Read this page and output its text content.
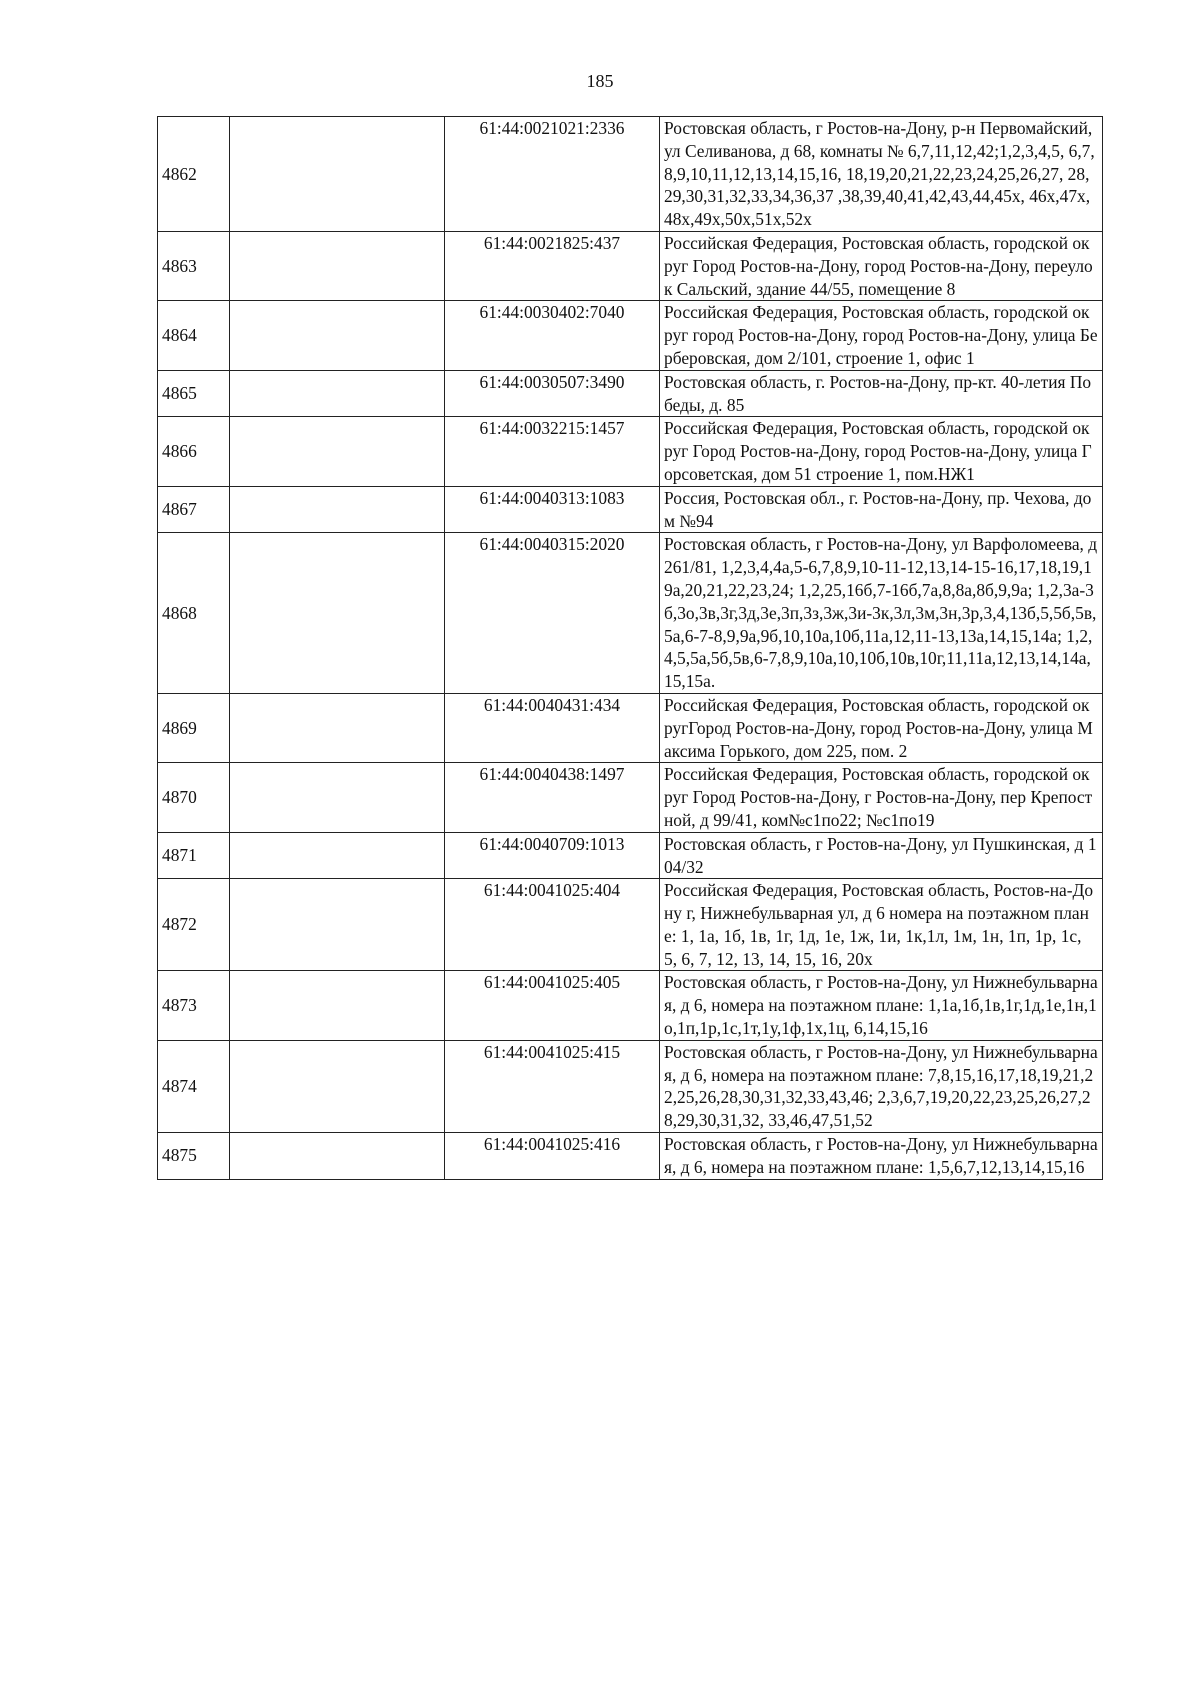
185
4862		61:44:0021021:2336	Ростовская область, г Ростов-на-Дону, р-н Первомайский, ул Селиванова, д 68, комнаты № 6,7,11,12,42;1,2,3,4,5, 6,7,8,9,10,11,12,13,14,15,16, 18,19,20,21,22,23,24,25,26,27, 28,29,30,31,32,33,34,36,37 ,38,39,40,41,42,43,44,45х, 46х,47х,48х,49х,50х,51х,52х
4863		61:44:0021825:437	Российская Федерация, Ростовская область, городской округ Город Ростов-на-Дону, город Ростов-на-Дону, переулок Сальский, здание 44/55, помещение 8
4864		61:44:0030402:7040	Российская Федерация, Ростовская область, городской округ город Ростов-на-Дону, город Ростов-на-Дону, улица Берберовская, дом 2/101, строение 1, офис 1
4865		61:44:0030507:3490	Ростовская область, г. Ростов-на-Дону, пр-кт. 40-летия Победы, д. 85
4866		61:44:0032215:1457	Российская Федерация, Ростовская область, городской округ Город Ростов-на-Дону, город Ростов-на-Дону, улица Горсоветская, дом 51 строение 1, пом.НЖ1
4867		61:44:0040313:1083	Россия, Ростовская обл., г. Ростов-на-Дону, пр. Чехова, дом №94
4868		61:44:0040315:2020	Ростовская область, г Ростов-на-Дону, ул Варфоломеева, д 261/81, 1,2,3,4,4а,5-6,7,8,9,10-11-12,13,14-15-16,17,18,19,19а,20,21,22,23,24; 1,2,25,16б,7-16б,7а,8,8а,8б,9,9а; 1,2,3а-3б,3о,3в,3г,3д,3е,3п,3з,3ж,3и-3к,3л,3м,3н,3р,3,4,13б,5,5б,5в,5а,6-7-8,9,9а,9б,10,10а,10б,11а,12,11-13,13а,14,15,14а; 1,2,4,5,5а,5б,5в,6-7,8,9,10а,10,10б,10в,10г,11,11а,12,13,14,14а,15,15а.
4869		61:44:0040431:434	Российская Федерация, Ростовская область, городской округГород Ростов-на-Дону, город Ростов-на-Дону, улица Максима Горького, дом 225, пом. 2
4870		61:44:0040438:1497	Российская Федерация, Ростовская область, городской округ Город Ростов-на-Дону, г Ростов-на-Дону, пер Крепостной, д 99/41, ком№с1по22; №с1по19
4871		61:44:0040709:1013	Ростовская область, г Ростов-на-Дону, ул Пушкинская, д 104/32
4872		61:44:0041025:404	Российская Федерация, Ростовская область, Ростов-на-Дону г, Нижнебульварная ул, д 6 номера на поэтажном плане: 1, 1а, 1б, 1в, 1г, 1д, 1е, 1ж, 1и, 1к,1л, 1м, 1н, 1п, 1р, 1с, 5, 6, 7, 12, 13, 14, 15, 16, 20х
4873		61:44:0041025:405	Ростовская область, г Ростов-на-Дону, ул Нижнебульварная, д 6, номера на поэтажном плане: 1,1а,1б,1в,1г,1д,1е,1н,1о,1п,1р,1с,1т,1у,1ф,1х,1ц, 6,14,15,16
4874		61:44:0041025:415	Ростовская область, г Ростов-на-Дону, ул Нижнебульварная, д 6, номера на поэтажном плане: 7,8,15,16,17,18,19,21,22,25,26,28,30,31,32,33,43,46; 2,3,6,7,19,20,22,23,25,26,27,28,29,30,31,32, 33,46,47,51,52
4875		61:44:0041025:416	Ростовская область, г Ростов-на-Дону, ул Нижнебульварная, д 6, номера на поэтажном плане: 1,5,6,7,12,13,14,15,16
